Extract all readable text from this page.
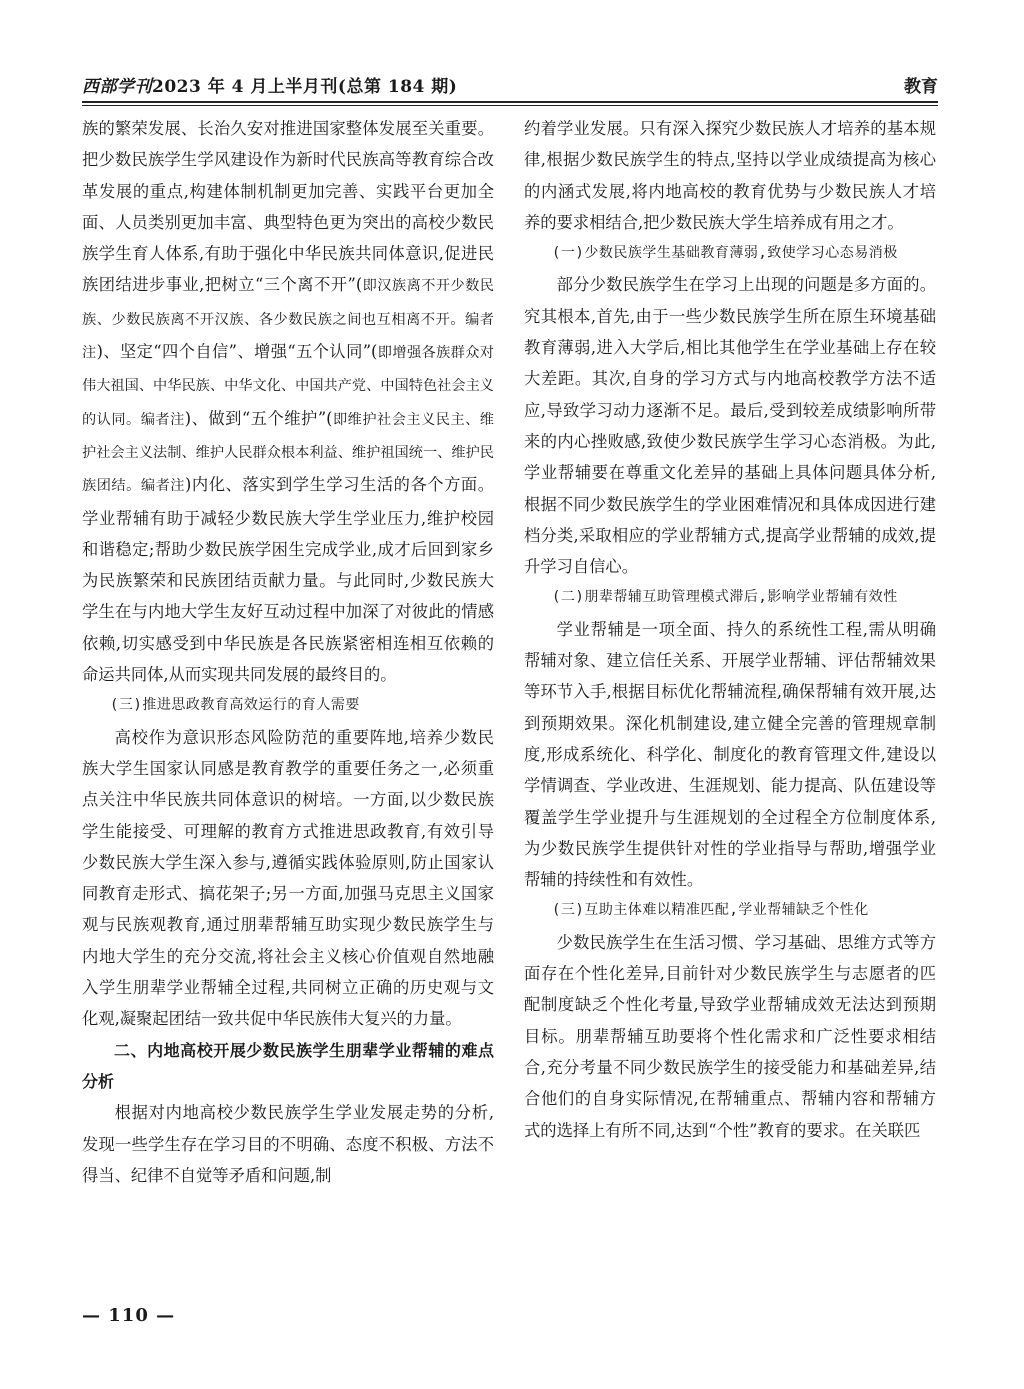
西部学刊2023 年 4 月上半月刊(总第 184 期)	教育

族的繁荣发展、长治久安对推进国家整体发展至关重要。把少数民族学生学风建设作为新时代民族高等教育综合改革发展的重点,构建体制机制更加完善、实践平台更加全面、人员类别更加丰富、典型特色更为突出的高校少数民族学生育人体系,有助于强化中华民族共同体意识,促进民族团结进步事业,把树立“三个离不开”(即汉族离不开少数民族、少数民族离不开汉族、各少数民族之间也互相离不开。编者注)、坚定“四个自信”、增强“五个认同”(即增强各族群众对伟大祖国、中华民族、中华文化、中国共产党、中国特色社会主义的认同。编者注)、做到“五个维护”(即维护社会主义民主、维护社会主义法制、维护人民群众根本利益、维护祖国统一、维护民族团结。编者注)内化、落实到学生学习生活的各个方面。学业帮辅有助于减轻少数民族大学生学业压力,维护校园和谐稳定;帮助少数民族学困生完成学业,成才后回到家乡为民族繁荣和民族团结贡献力量。与此同时,少数民族大学生在与内地大学生友好互动过程中加深了对彼此的情感依赖,切实感受到中华民族是各民族紧密相连相互依赖的命运共同体,从而实现共同发展的最终目的。

(三)推进思政教育高效运行的育人需要

高校作为意识形态风险防范的重要阵地,培养少数民族大学生国家认同感是教育教学的重要任务之一,必须重点关注中华民族共同体意识的树培。一方面,以少数民族学生能接受、可理解的教育方式推进思政教育,有效引导少数民族大学生深入参与,遵循实践体验原则,防止国家认同教育走形式、搞花架子;另一方面,加强马克思主义国家观与民族观教育,通过朋辈帮辅互助实现少数民族学生与内地大学生的充分交流,将社会主义核心价值观自然地融入学生朋辈学业帮辅全过程,共同树立正确的历史观与文化观,凝聚起团结一致共促中华民族伟大复兴的力量。

二、内地高校开展少数民族学生朋辈学业帮辅的难点分析

根据对内地高校少数民族学生学业发展走势的分析,发现一些学生存在学习目的不明确、态度不积极、方法不得当、纪律不自觉等矛盾和问题,制

约着学业发展。只有深入探究少数民族人才培养的基本规律,根据少数民族学生的特点,坚持以学业成绩提高为核心的内涵式发展,将内地高校的教育优势与少数民族人才培养的要求相结合,把少数民族大学生培养成有用之才。

(一)少数民族学生基础教育薄弱,致使学习心态易消极

部分少数民族学生在学习上出现的问题是多方面的。究其根本,首先,由于一些少数民族学生所在原生环境基础教育薄弱,进入大学后,相比其他学生在学业基础上存在较大差距。其次,自身的学习方式与内地高校教学方法不适应,导致学习动力逐渐不足。最后,受到较差成绩影响所带来的内心挫败感,致使少数民族学生学习心态消极。为此,学业帮辅要在尊重文化差异的基础上具体问题具体分析,根据不同少数民族学生的学业困难情况和具体成因进行建档分类,采取相应的学业帮辅方式,提高学业帮辅的成效,提升学习自信心。

(二)朋辈帮辅互助管理模式滞后,影响学业帮辅有效性

学业帮辅是一项全面、持久的系统性工程,需从明确帮辅对象、建立信任关系、开展学业帮辅、评估帮辅效果等环节入手,根据目标优化帮辅流程,确保帮辅有效开展,达到预期效果。深化机制建设,建立健全完善的管理规章制度,形成系统化、科学化、制度化的教育管理文件,建设以学情调查、学业改进、生涯规划、能力提高、队伍建设等覆盖学生学业提升与生涯规划的全过程全方位制度体系,为少数民族学生提供针对性的学业指导与帮助,增强学业帮辅的持续性和有效性。

(三)互助主体难以精准匹配,学业帮辅缺乏个性化

少数民族学生在生活习惯、学习基础、思维方式等方面存在个性化差异,目前针对少数民族学生与志愿者的匹配制度缺乏个性化考量,导致学业帮辅成效无法达到预期目标。朋辈帮辅互助要将个性化需求和广泛性要求相结合,充分考量不同少数民族学生的接受能力和基础差异,结合他们的自身实际情况,在帮辅重点、帮辅内容和帮辅方式的选择上有所不同,达到“个性”教育的要求。在关联匹

— 110 —
